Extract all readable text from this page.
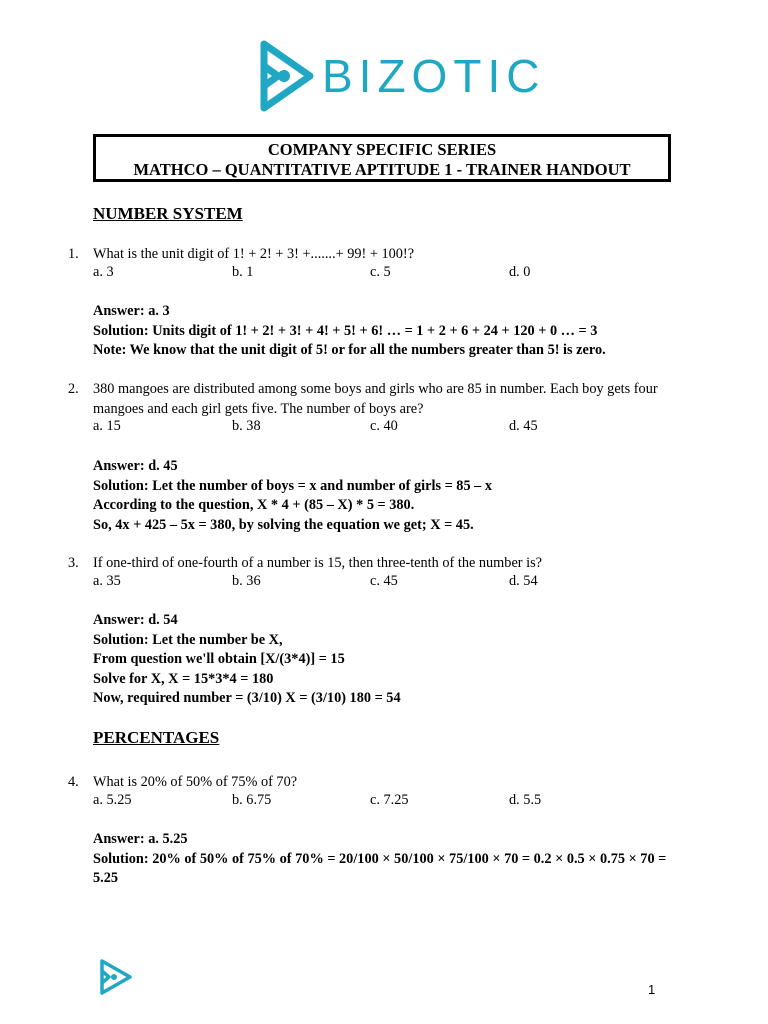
BIZOTIC
COMPANY SPECIFIC SERIES
MATHCO – QUANTITATIVE APTITUDE 1 - TRAINER HANDOUT
NUMBER SYSTEM
1. What is the unit digit of 1! + 2! + 3! +.......+ 99! + 100!?
a. 3	b. 1	c. 5	d. 0
Answer: a. 3
Solution: Units digit of 1! + 2! + 3! + 4! + 5! + 6! … = 1 + 2 + 6 + 24 + 120 + 0 … = 3
Note: We know that the unit digit of 5! or for all the numbers greater than 5! is zero.
2. 380 mangoes are distributed among some boys and girls who are 85 in number. Each boy gets four mangoes and each girl gets five. The number of boys are?
a. 15	b. 38	c. 40	d. 45
Answer: d. 45
Solution: Let the number of boys = x and number of girls = 85 – x
According to the question, X * 4 + (85 – X) * 5 = 380.
So, 4x + 425 – 5x = 380, by solving the equation we get; X = 45.
3. If one-third of one-fourth of a number is 15, then three-tenth of the number is?
a. 35	b. 36	c. 45	d. 54
Answer: d. 54
Solution: Let the number be X,
From question we'll obtain [X/(3*4)] = 15
Solve for X, X = 15*3*4 = 180
Now, required number = (3/10) X = (3/10) 180 = 54
PERCENTAGES
4. What is 20% of 50% of 75% of 70?
a. 5.25	b. 6.75	c. 7.25	d. 5.5
Answer: a. 5.25
Solution: 20% of 50% of 75% of 70% = 20/100 × 50/100 × 75/100 × 70 = 0.2 × 0.5 × 0.75 × 70 = 5.25
1
